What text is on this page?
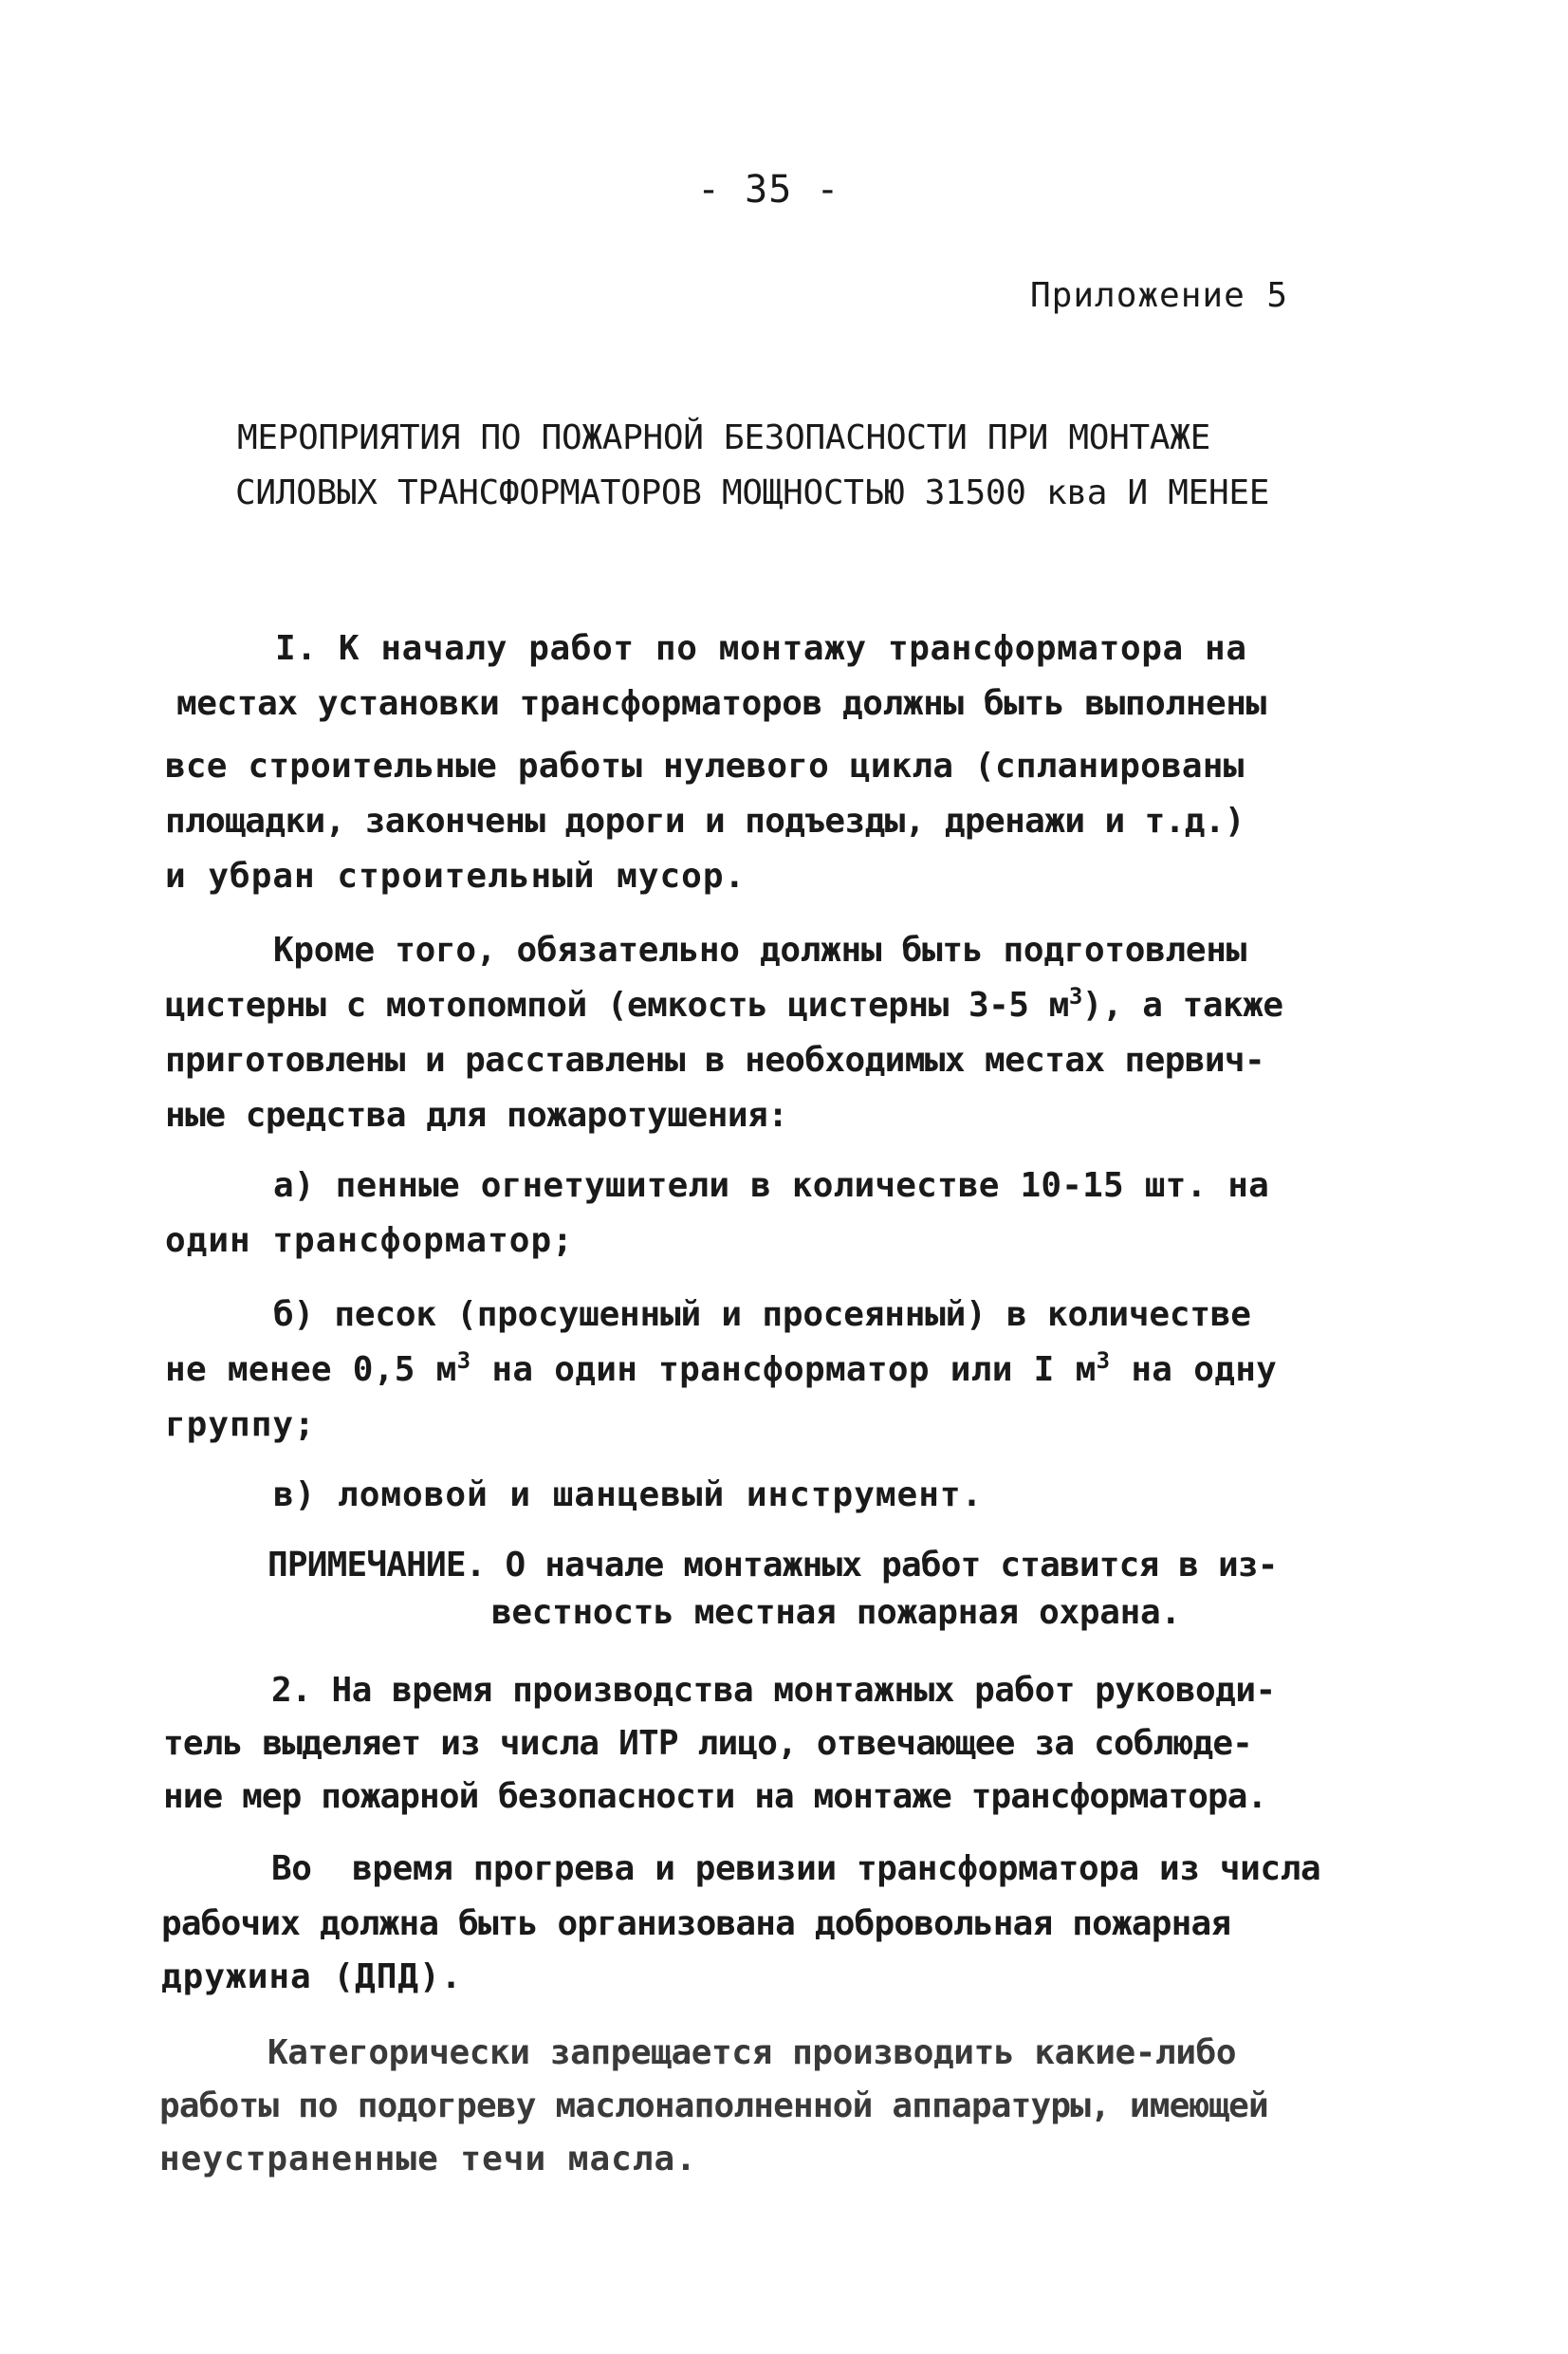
- 35 -
Приложение 5
МЕРОПРИЯТИЯ ПО ПОЖАРНОЙ БЕЗОПАСНОСТИ ПРИ МОНТАЖЕ
СИЛОВЫХ ТРАНСФОРМАТОРОВ МОЩНОСТЬЮ 31500 ква И МЕНЕЕ
I. К началу работ по монтажу трансформатора на
местах установки трансформаторов должны быть выполнены
все строительные работы нулевого цикла (спланированы
площадки, закончены дороги и подъезды, дренажи и т.д.)
и убран строительный мусор.
Кроме того, обязательно должны быть подготовлены
цистерны с мотопомпой (емкость цистерны 3-5 $м^3$), а также
приготовлены и расставлены в необходимых местах первич-
ные средства для пожаротушения:
а) пенные огнетушители в количестве 10-15 шт. на
один трансформатор;
б) песок (просушенный и просеянный) в количестве
не менее 0,5 $м^3$ на один трансформатор или I $м^3$ на одну
группу;
в) ломовой и шанцевый инструмент.
ПРИМЕЧАНИЕ. О начале монтажных работ ставится в из-
вестность местная пожарная охрана.
2. На время производства монтажных работ руководи-
тель выделяет из числа ИТР лицо, отвечающее за соблюде-
ние мер пожарной безопасности на монтаже трансформатора.
Во  время прогрева и ревизии трансформатора из числа
рабочих должна быть организована добровольная пожарная
дружина (ДПД).
Категорически запрещается производить какие-либо
работы по подогреву маслонаполненной аппаратуры, имеющей
неустраненные течи масла.
